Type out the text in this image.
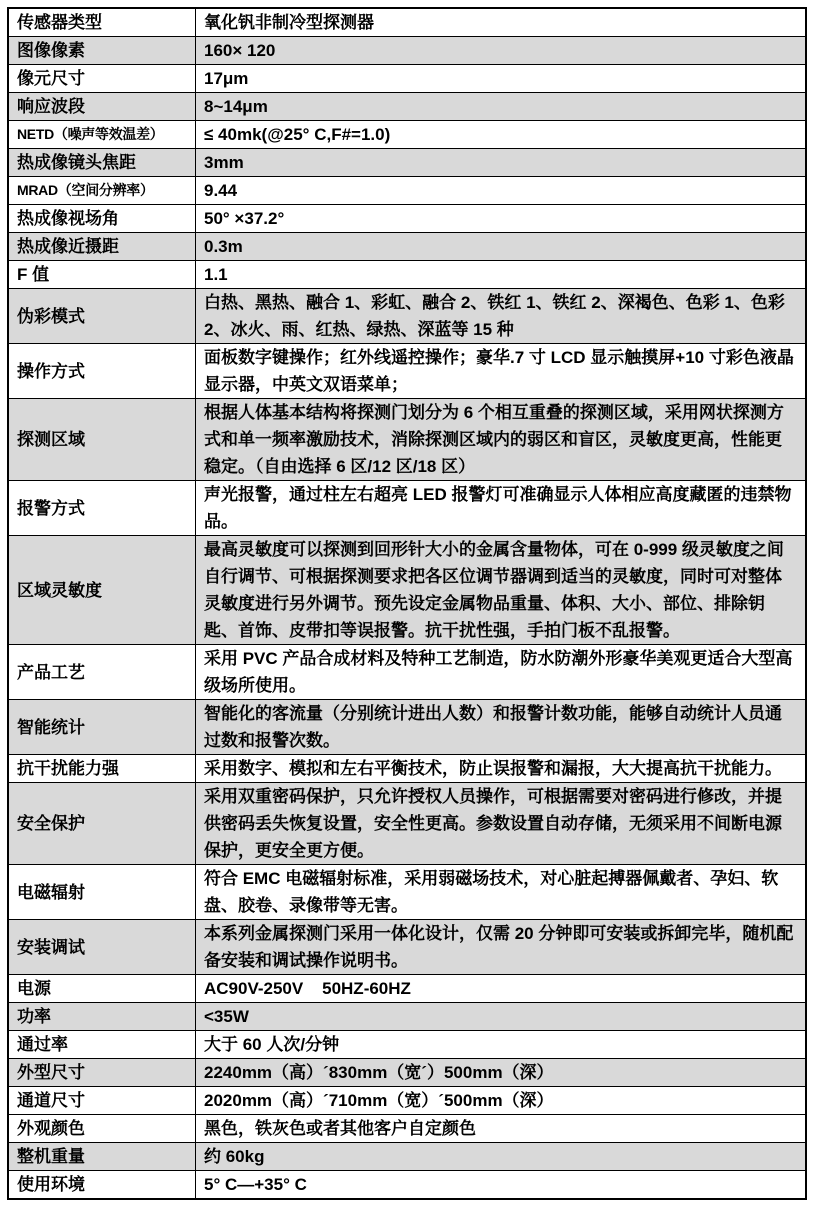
传感器类型	氧化钒非制冷型探测器
图像像素	160× 120
像元尺寸	17μm
响应波段	8~14μm
NETD（噪声等效温差）	≤ 40mk(@25° C,F#=1.0)
热成像镜头焦距	3mm
MRAD（空间分辨率）	9.44
热成像视场角	50° ×37.2°
热成像近摄距	0.3m
F 值	1.1
伪彩模式	白热、黑热、融合 1、彩虹、融合 2、铁红 1、铁红 2、深褐色、色彩 1、色彩 2、冰火、雨、红热、绿热、深蓝等 15 种
操作方式	面板数字键操作；红外线遥控操作；豪华.7 寸 LCD 显示触摸屏+10 寸彩色液晶显示器，中英文双语菜单；
探测区域	根据人体基本结构将探测门划分为 6 个相互重叠的探测区域，采用网状探测方式和单一频率激励技术，消除探测区域内的弱区和盲区，灵敏度更高，性能更稳定。（自由选择 6 区/12 区/18 区）
报警方式	声光报警，通过柱左右超亮 LED 报警灯可准确显示人体相应高度藏匿的违禁物品。
区域灵敏度	最高灵敏度可以探测到回形针大小的金属含量物体，可在 0-999 级灵敏度之间自行调节、可根据探测要求把各区位调节器调到适当的灵敏度，同时可对整体灵敏度进行另外调节。预先设定金属物品重量、体积、大小、部位、排除钥匙、首饰、皮带扣等误报警。抗干扰性强，手拍门板不乱报警。
产品工艺	采用 PVC 产品合成材料及特种工艺制造，防水防潮外形豪华美观更适合大型高级场所使用。
智能统计	智能化的客流量（分别统计进出人数）和报警计数功能，能够自动统计人员通过数和报警次数。
抗干扰能力强	采用数字、模拟和左右平衡技术，防止误报警和漏报，大大提高抗干扰能力。
安全保护	采用双重密码保护，只允许授权人员操作，可根据需要对密码进行修改，并提供密码丢失恢复设置，安全性更高。参数设置自动存储，无须采用不间断电源保护，更安全更方便。
电磁辐射	符合 EMC 电磁辐射标准，采用弱磁场技术，对心脏起搏器佩戴者、孕妇、软盘、胶卷、录像带等无害。
安装调试	本系列金属探测门采用一体化设计，仅需 20 分钟即可安装或拆卸完毕，随机配备安装和调试操作说明书。
电源	AC90V-250V    50HZ-60HZ
功率	<35W
通过率	大于 60 人次/分钟
外型尺寸	2240mm（高）´830mm（宽´）500mm（深）
通道尺寸	2020mm（高）´710mm（宽）´500mm（深）
外观颜色	黑色，铁灰色或者其他客户自定颜色
整机重量	约 60kg
使用环境	5° C—+35° C
